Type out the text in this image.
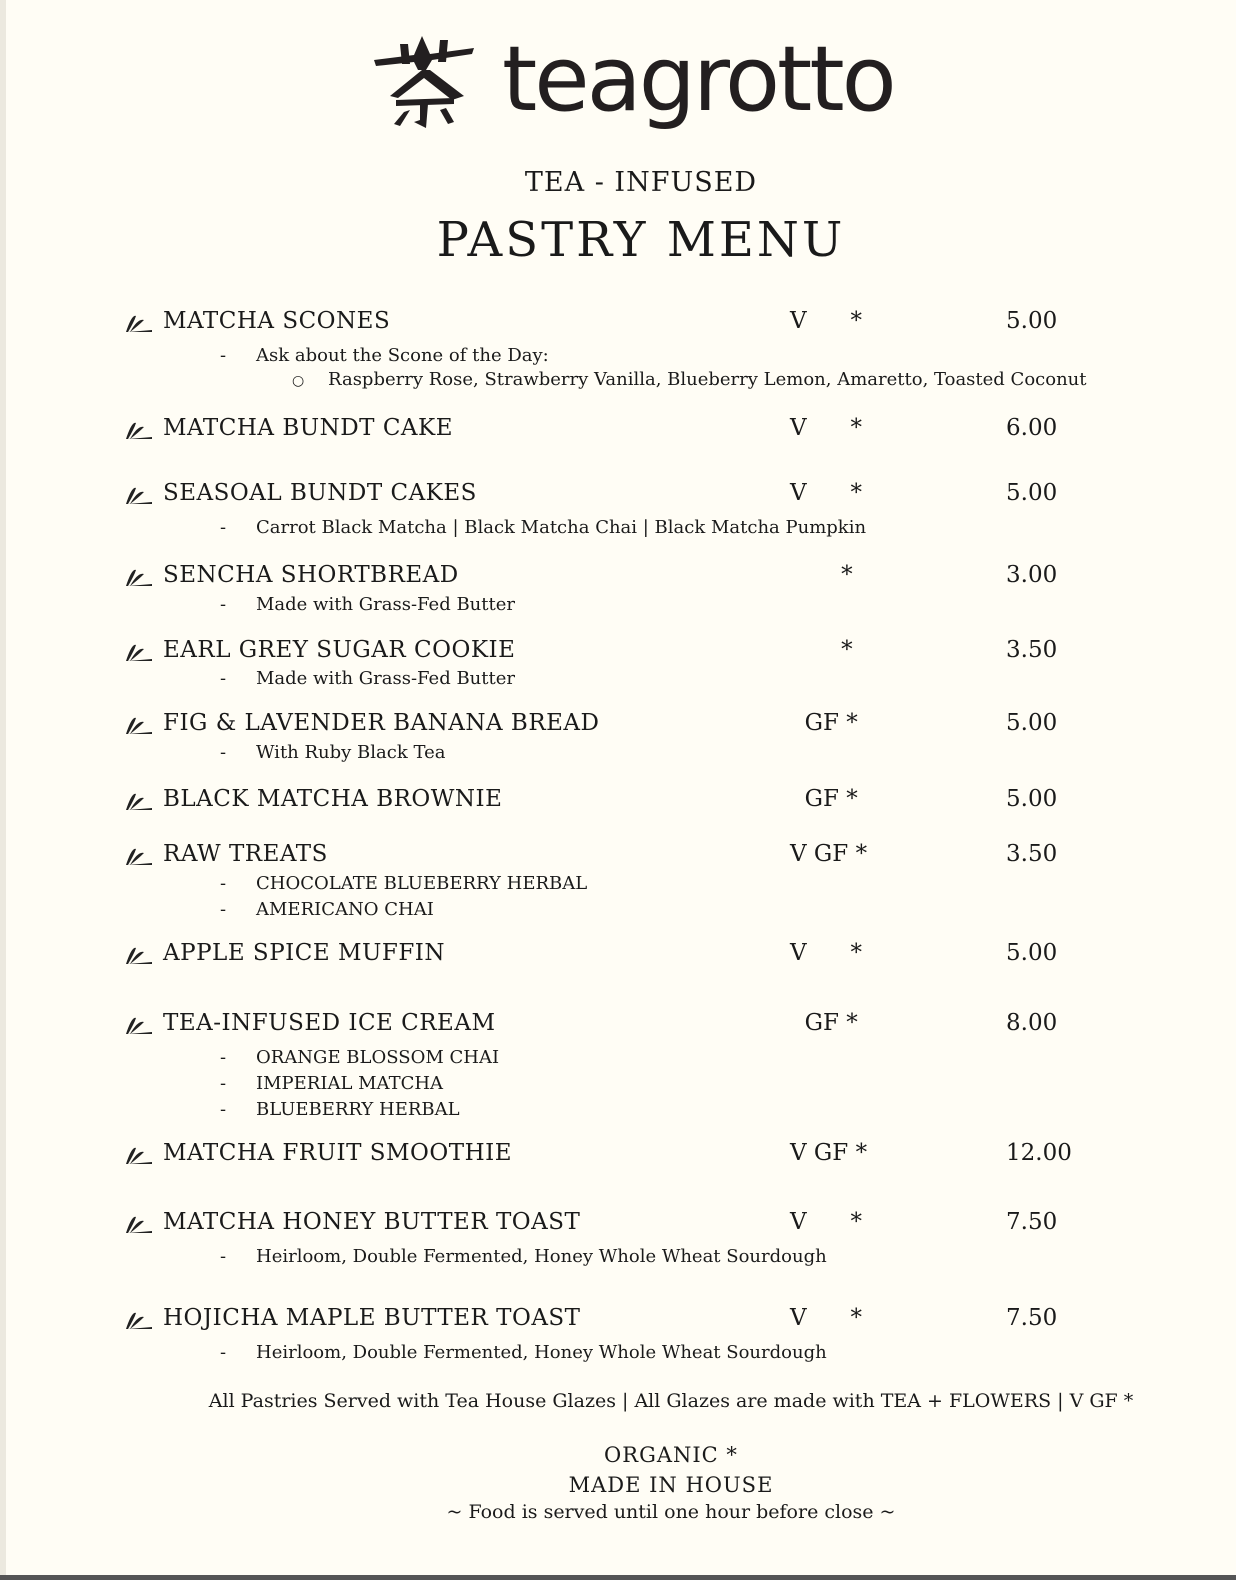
teagrotto
TEA - INFUSED
PASTRY MENU
MATCHA SCONES	V      *	5.00
- Ask about the Scone of the Day:
○ Raspberry Rose, Strawberry Vanilla, Blueberry Lemon, Amaretto, Toasted Coconut
MATCHA BUNDT CAKE	V      *	6.00
SEASOAL BUNDT CAKES	V      *	5.00
- Carrot Black Matcha | Black Matcha Chai | Black Matcha Pumpkin
SENCHA SHORTBREAD	*	3.00
- Made with Grass-Fed Butter
EARL GREY SUGAR COOKIE	*	3.50
- Made with Grass-Fed Butter
FIG & LAVENDER BANANA BREAD	GF *	5.00
- With Ruby Black Tea
BLACK MATCHA BROWNIE	GF *	5.00
RAW TREATS	V GF *	3.50
- CHOCOLATE BLUEBERRY HERBAL
- AMERICANO CHAI
APPLE SPICE MUFFIN	V      *	5.00
TEA-INFUSED ICE CREAM	GF *	8.00
- ORANGE BLOSSOM CHAI
- IMPERIAL MATCHA
- BLUEBERRY HERBAL
MATCHA FRUIT SMOOTHIE	V GF *	12.00
MATCHA HONEY BUTTER TOAST	V      *	7.50
- Heirloom, Double Fermented, Honey Whole Wheat Sourdough
HOJICHA MAPLE BUTTER TOAST	V      *	7.50
- Heirloom, Double Fermented, Honey Whole Wheat Sourdough
All Pastries Served with Tea House Glazes | All Glazes are made with TEA + FLOWERS | V GF *
ORGANIC *
MADE IN HOUSE
~ Food is served until one hour before close ~
